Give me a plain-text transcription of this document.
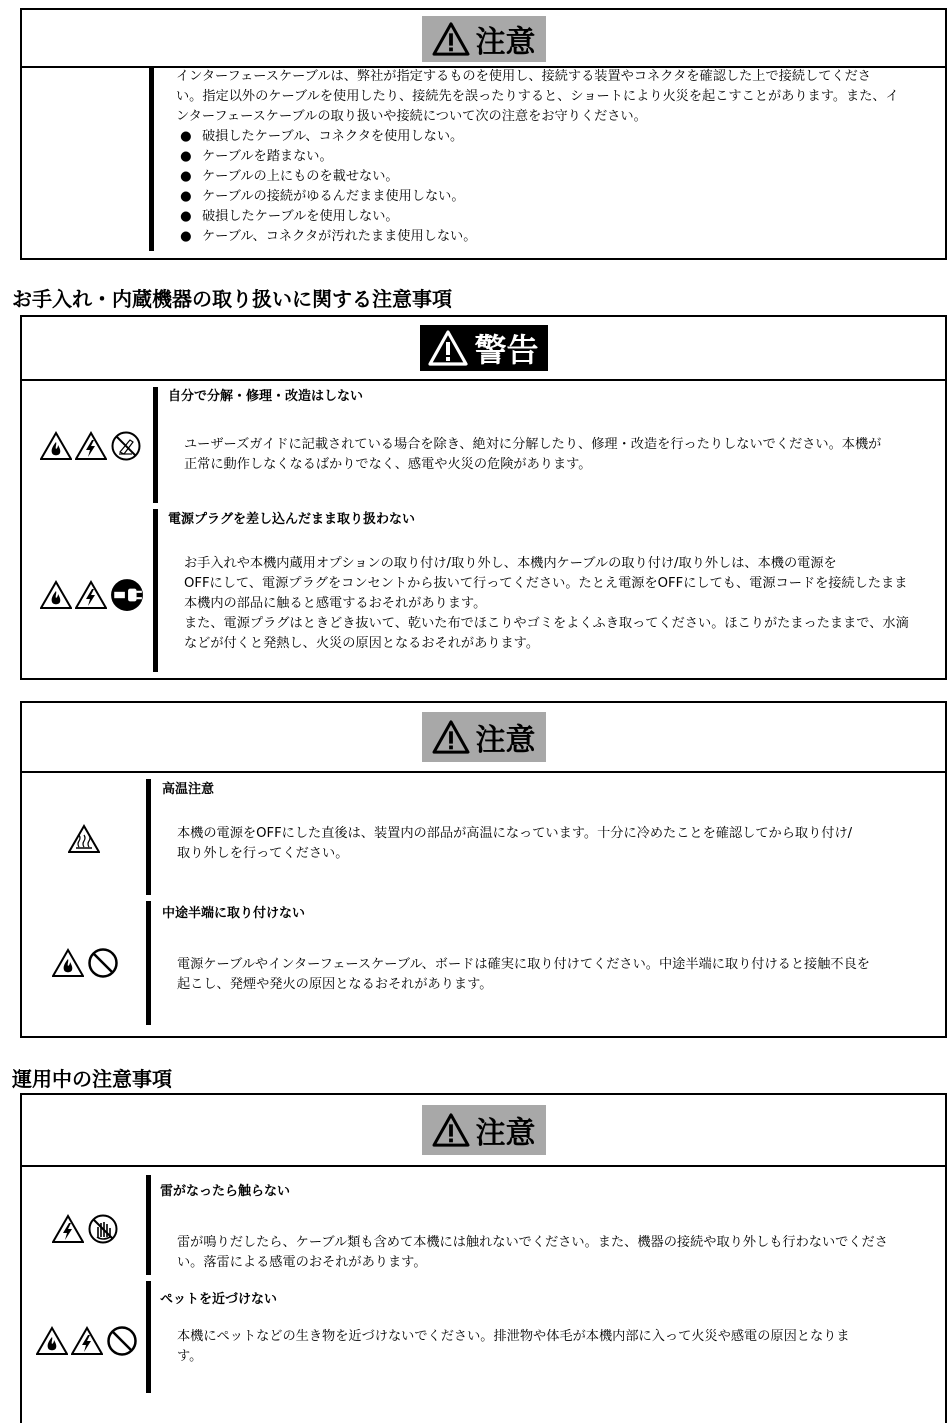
注意
インターフェースケーブルは、弊社が指定するものを使用し、接続する装置やコネクタを確認した上で接続してくださ
い。指定以外のケーブルを使用したり、接続先を誤ったりすると、ショートにより火災を起こすことがあります。また、イ
ンターフェースケーブルの取り扱いや接続について次の注意をお守りください。
● 破損したケーブル、コネクタを使用しない。
● ケーブルを踏まない。
● ケーブルの上にものを載せない。
● ケーブルの接続がゆるんだまま使用しない。
● 破損したケーブルを使用しない。
● ケーブル、コネクタが汚れたまま使用しない。
お手入れ・内蔵機器の取り扱いに関する注意事項
警告
自分で分解・修理・改造はしない
ユーザーズガイドに記載されている場合を除き、絶対に分解したり、修理・改造を行ったりしないでください。本機が
正常に動作しなくなるばかりでなく、感電や火災の危険があります。
電源プラグを差し込んだまま取り扱わない
お手入れや本機内蔵用オプションの取り付け/取り外し、本機内ケーブルの取り付け/取り外しは、本機の電源を
OFFにして、電源プラグをコンセントから抜いて行ってください。たとえ電源をOFFにしても、電源コードを接続したまま
本機内の部品に触ると感電するおそれがあります。
また、電源プラグはときどき抜いて、乾いた布でほこりやゴミをよくふき取ってください。ほこりがたまったままで、水滴
などが付くと発熱し、火災の原因となるおそれがあります。
注意
高温注意
本機の電源をOFFにした直後は、装置内の部品が高温になっています。十分に冷めたことを確認してから取り付け/
取り外しを行ってください。
中途半端に取り付けない
電源ケーブルやインターフェースケーブル、ボードは確実に取り付けてください。中途半端に取り付けると接触不良を
起こし、発煙や発火の原因となるおそれがあります。
運用中の注意事項
注意
雷がなったら触らない
雷が鳴りだしたら、ケーブル類も含めて本機には触れないでください。また、機器の接続や取り外しも行わないでくださ
い。落雷による感電のおそれがあります。
ペットを近づけない
本機にペットなどの生き物を近づけないでください。排泄物や体毛が本機内部に入って火災や感電の原因となりま
す。
